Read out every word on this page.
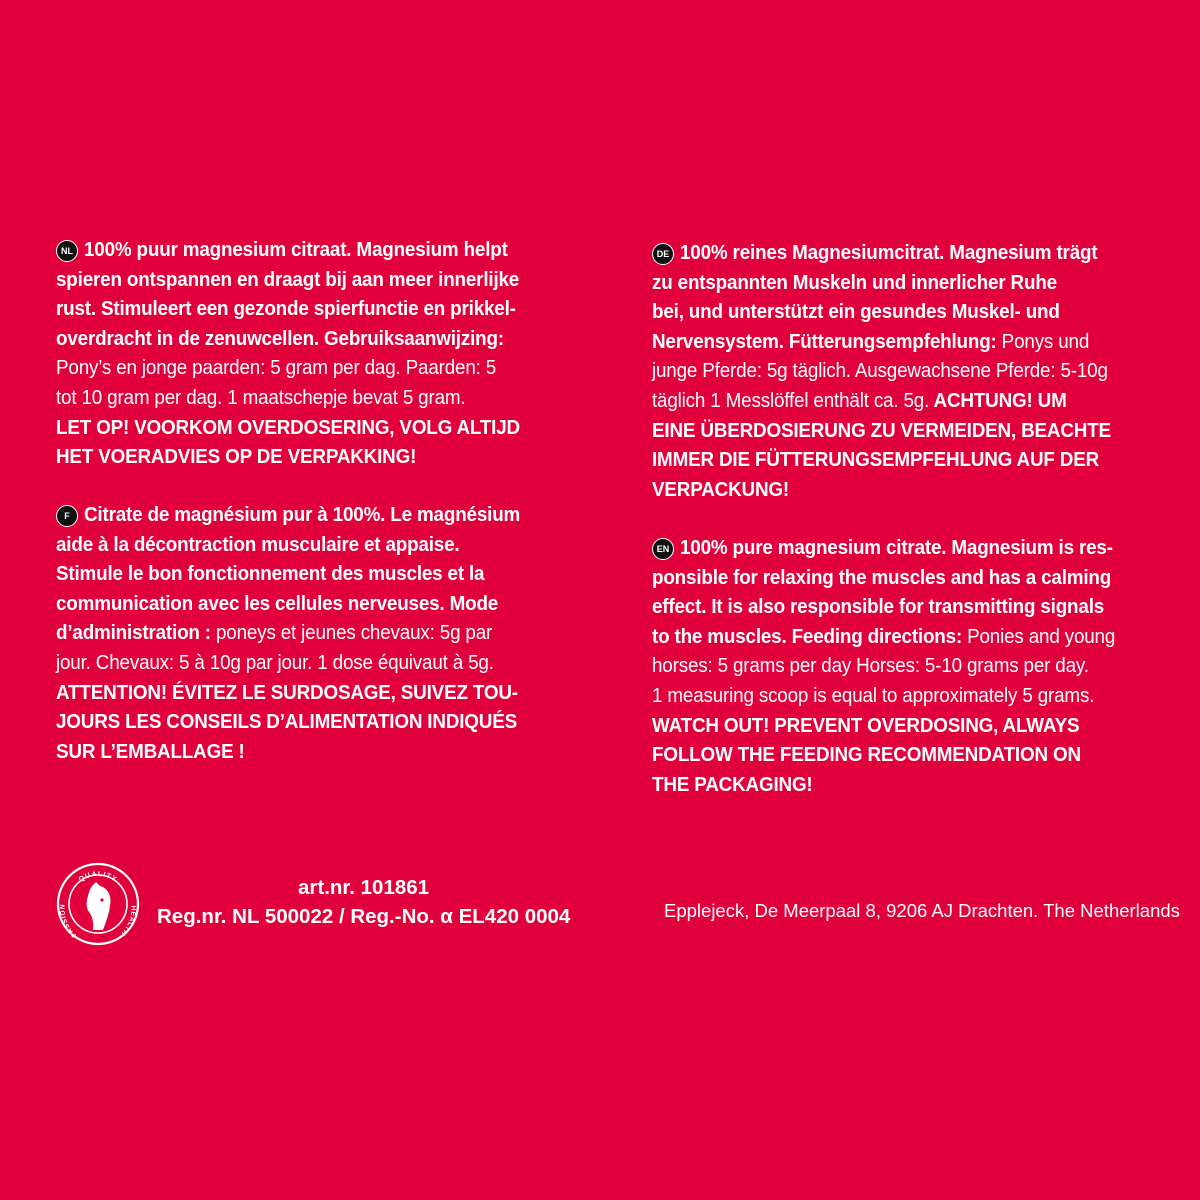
NL 100% puur magnesium citraat. Magnesium helpt
spieren ontspannen en draagt bij aan meer innerlijke
rust. Stimuleert een gezonde spierfunctie en prikkel-
overdracht in de zenuwcellen. Gebruiksaanwijzing:
Pony’s en jonge paarden: 5 gram per dag. Paarden: 5
tot 10 gram per dag. 1 maatschepje bevat 5 gram.
LET OP! VOORKOM OVERDOSERING, VOLG ALTIJD
HET VOERADVIES OP DE VERPAKKING!
DE 100% reines Magnesiumcitrat. Magnesium trägt
zu entspannten Muskeln und innerlicher Ruhe
bei, und unterstützt ein gesundes Muskel- und
Nervensystem. Fütterungsempfehlung: Ponys und
junge Pferde: 5g täglich. Ausgewachsene Pferde: 5-10g
täglich 1 Messlöffel enthält ca. 5g. ACHTUNG! UM
EINE ÜBERDOSIERUNG ZU VERMEIDEN, BEACHTE
IMMER DIE FÜTTERUNGSEMPFEHLUNG AUF DER
VERPACKUNG!
F Citrate de magnésium pur à 100%. Le magnésium
aide à la décontraction musculaire et appaise.
Stimule le bon fonctionnement des muscles et la
communication avec les cellules nerveuses. Mode
d’administration : poneys et jeunes chevaux: 5g par
jour. Chevaux: 5 à 10g par jour. 1 dose équivaut à 5g.
ATTENTION! ÉVITEZ LE SURDOSAGE, SUIVEZ TOU-
JOURS LES CONSEILS D’ALIMENTATION INDIQUÉS
SUR L’EMBALLAGE !
EN 100% pure magnesium citrate. Magnesium is res-
ponsible for relaxing the muscles and has a calming
effect. It is also responsible for transmitting signals
to the muscles. Feeding directions: Ponies and young
horses: 5 grams per day Horses: 5-10 grams per day.
1 measuring scoop is equal to approximately 5 grams.
WATCH OUT! PREVENT OVERDOSING, ALWAYS
FOLLOW THE FEEDING RECOMMENDATION ON
THE PACKAGING!
QUALITY
PASSION	HEALTH
art.nr. 101861
Reg.nr. NL 500022 / Reg.-No. α EL420 0004	Epplejeck, De Meerpaal 8, 9206 AJ Drachten. The Netherlands
